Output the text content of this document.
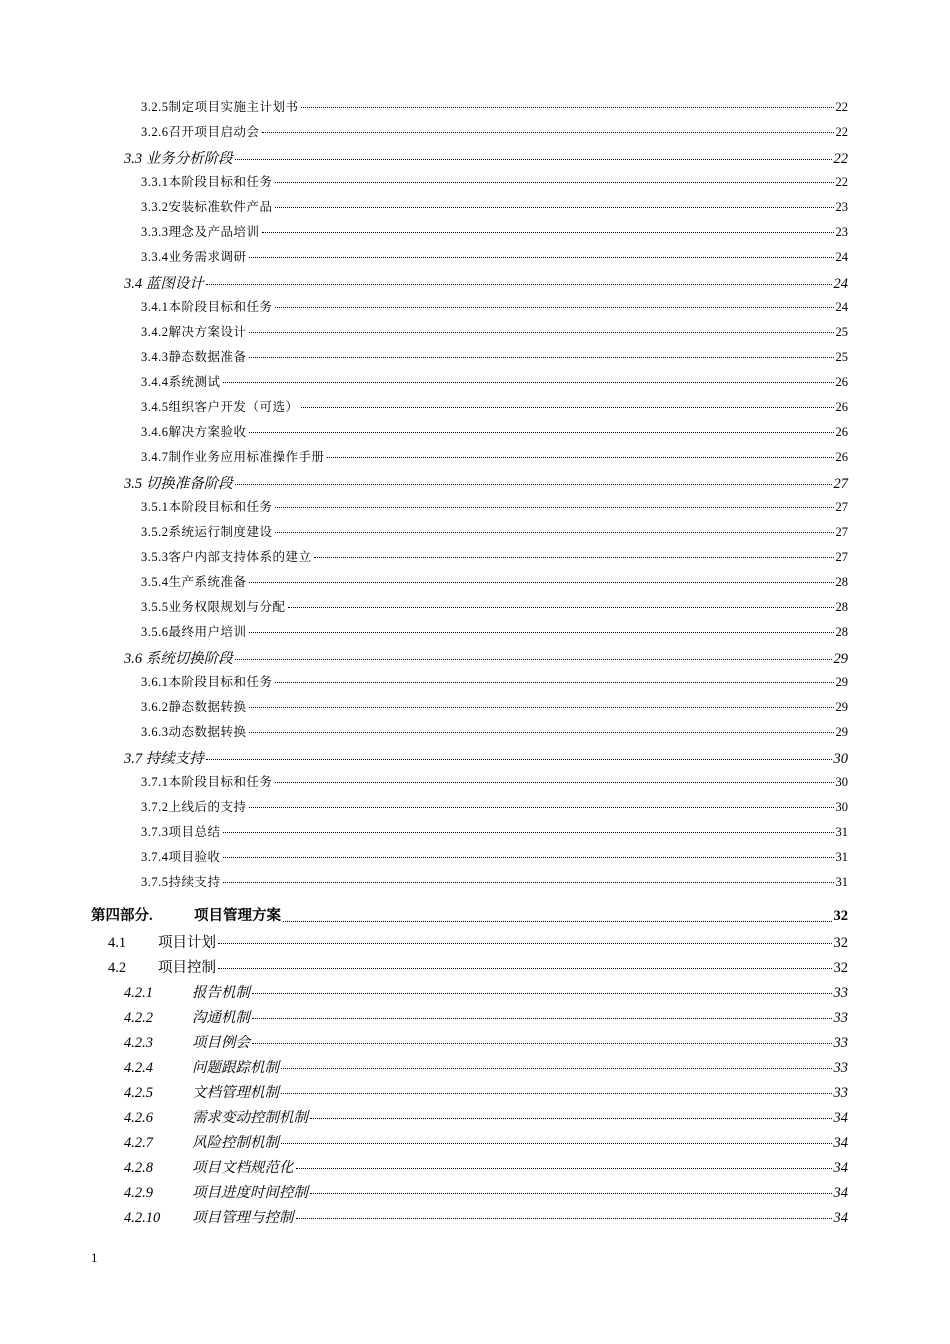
3.2.5制定项目实施主计划书	22
3.2.6召开项目启动会	22
3.3 业务分析阶段	22
3.3.1本阶段目标和任务	22
3.3.2安装标准软件产品	23
3.3.3理念及产品培训	23
3.3.4业务需求调研	24
3.4 蓝图设计	24
3.4.1本阶段目标和任务	24
3.4.2解决方案设计	25
3.4.3静态数据准备	25
3.4.4系统测试	26
3.4.5组织客户开发（可选）	26
3.4.6解决方案验收	26
3.4.7制作业务应用标准操作手册	26
3.5 切换准备阶段	27
3.5.1本阶段目标和任务	27
3.5.2系统运行制度建设	27
3.5.3客户内部支持体系的建立	27
3.5.4生产系统准备	28
3.5.5业务权限规划与分配	28
3.5.6最终用户培训	28
3.6 系统切换阶段	29
3.6.1本阶段目标和任务	29
3.6.2静态数据转换	29
3.6.3动态数据转换	29
3.7 持续支持	30
3.7.1本阶段目标和任务	30
3.7.2上线后的支持	30
3.7.3项目总结	31
3.7.4项目验收	31
3.7.5持续支持	31
第四部分.	项目管理方案	32
4.1	项目计划	32
4.2	项目控制	32
4.2.1	报告机制	33
4.2.2	沟通机制	33
4.2.3	项目例会	33
4.2.4	问题跟踪机制	33
4.2.5	文档管理机制	33
4.2.6	需求变动控制机制	34
4.2.7	风险控制机制	34
4.2.8	项目文档规范化	34
4.2.9	项目进度时间控制	34
4.2.10	项目管理与控制	34
1
